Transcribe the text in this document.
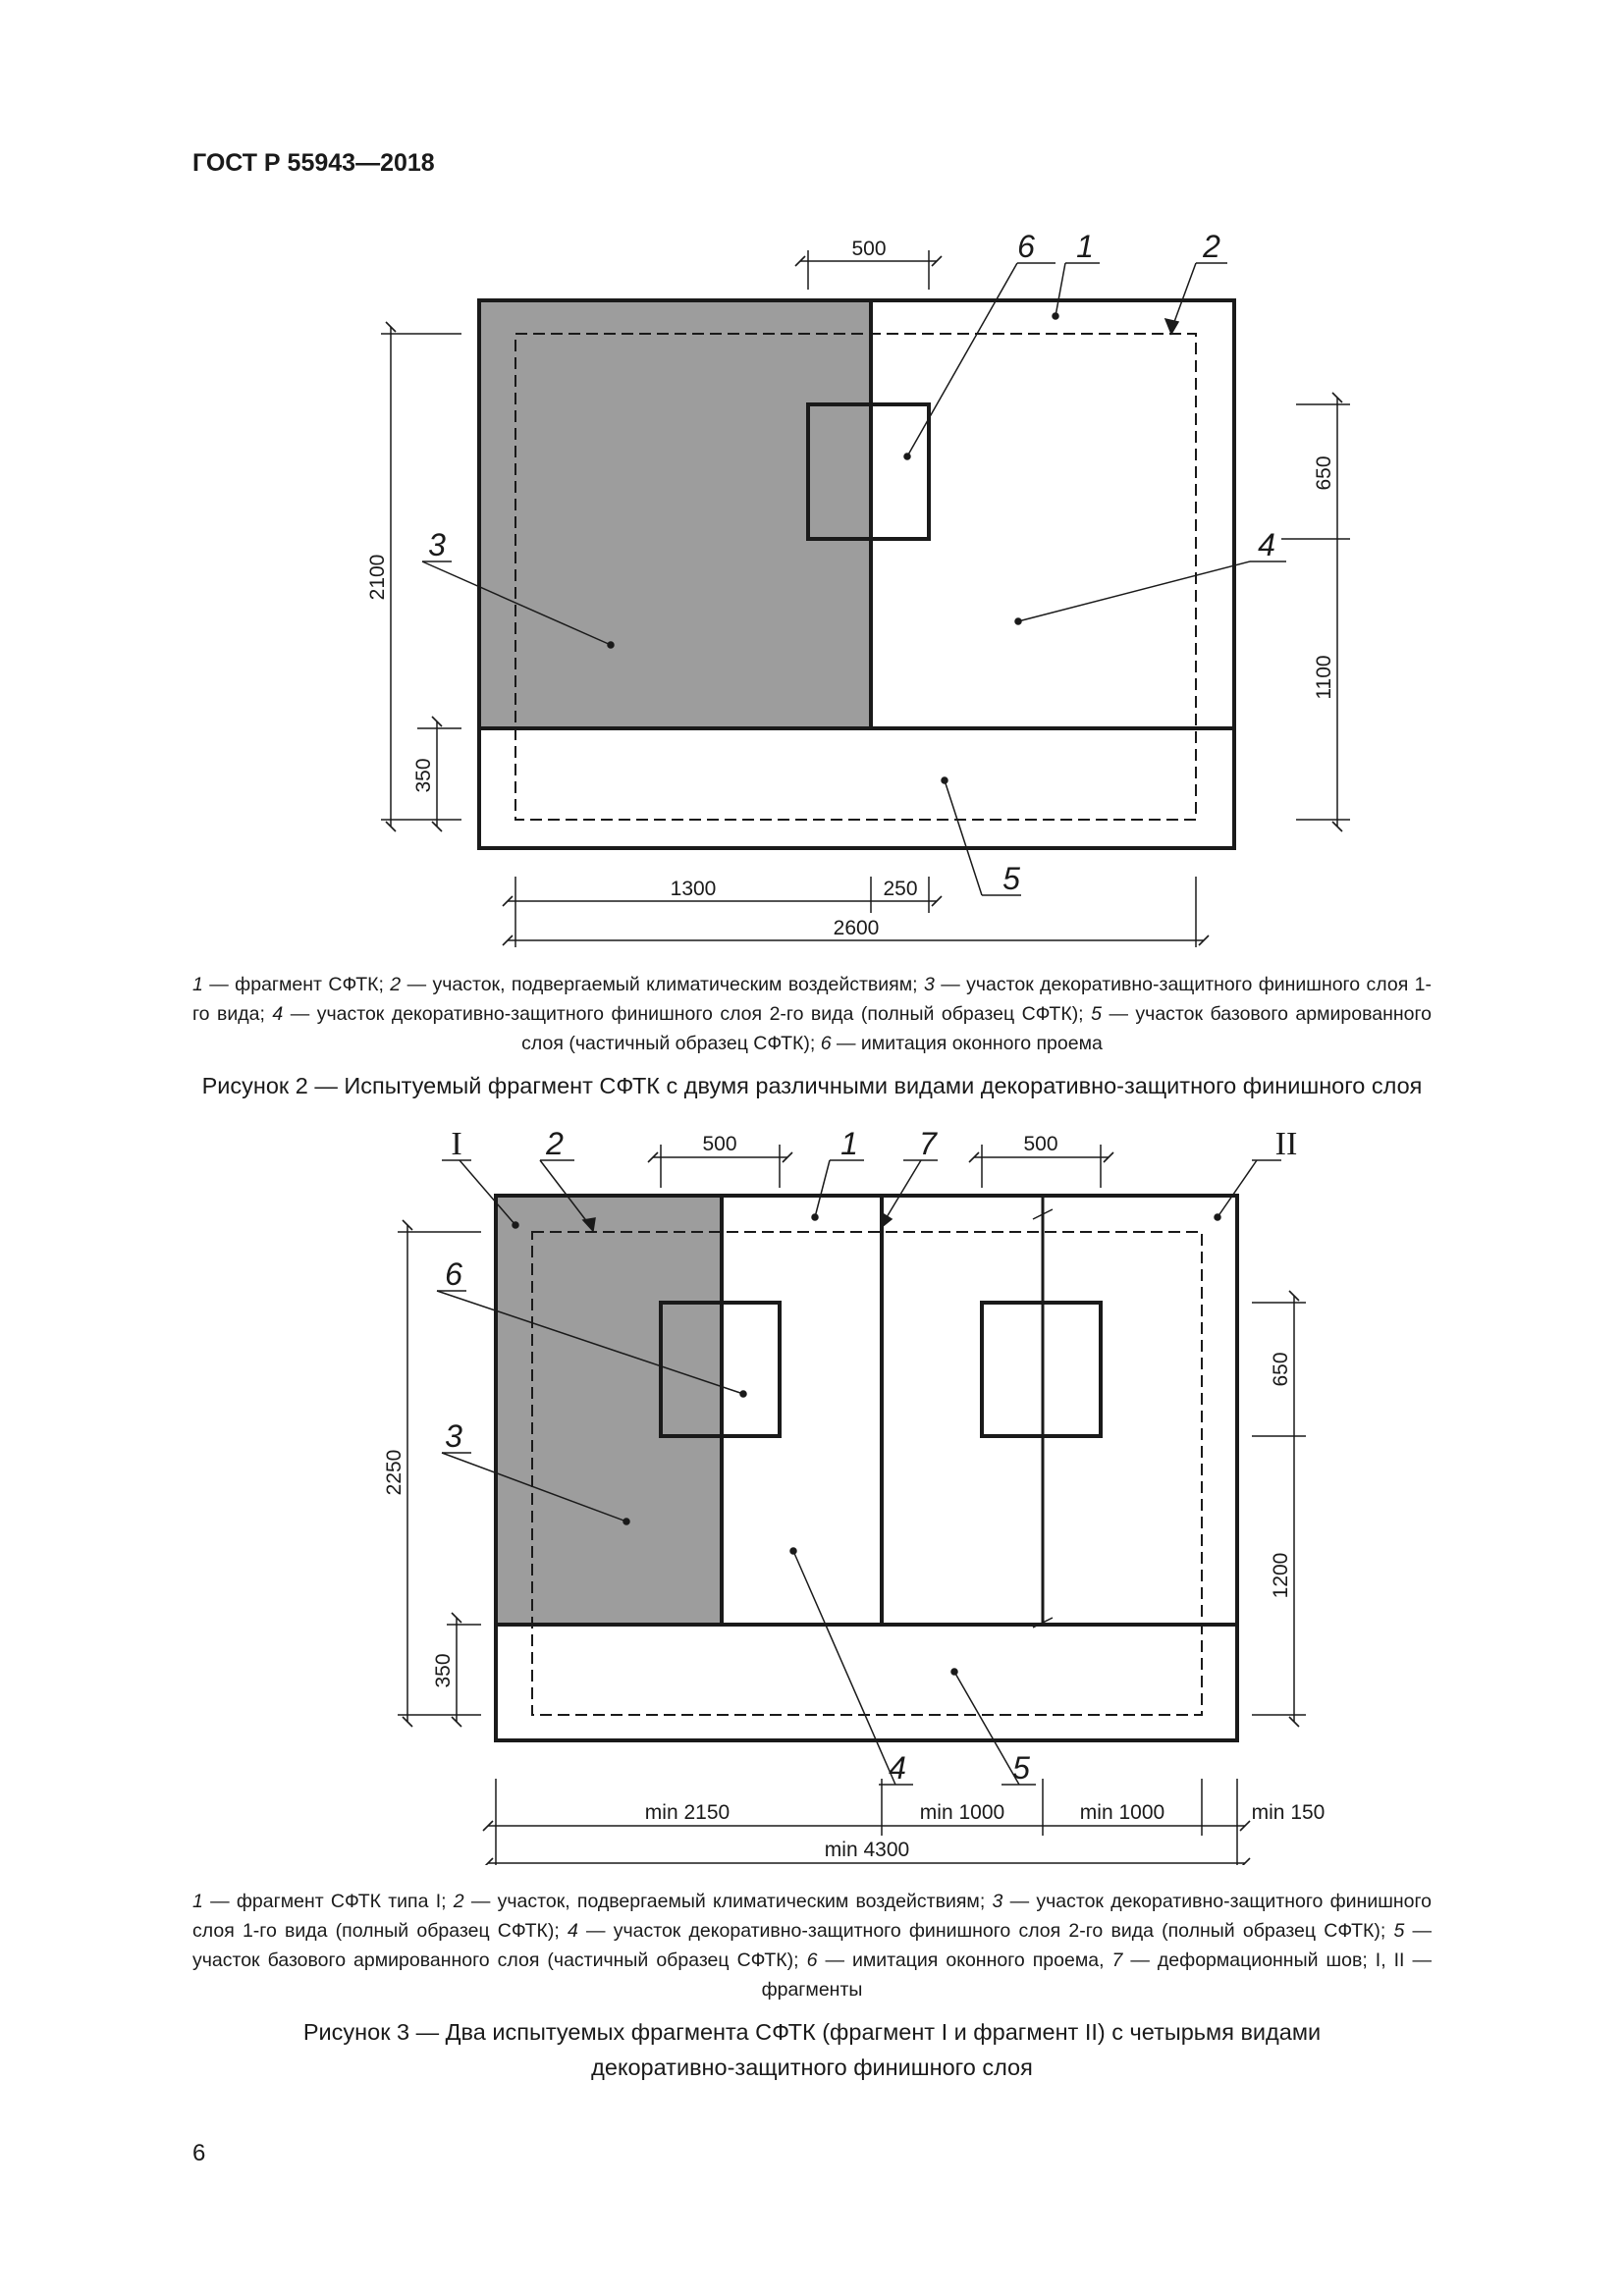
ГОСТ Р 55943—2018
500
2100
350
650
1100
1300	250
2600
6 1	2
3	4
5
1 — фрагмент СФТК; 2 — участок, подвергаемый климатическим воздействиям; 3 — участок декоративно-защитного финишного слоя 1-го вида; 4 — участок декоративно-защитного финишного слоя 2-го вида (полный образец СФТК); 5 — участок базового армированного слоя (частичный образец СФТК); 6 — имитация оконного проема
Рисунок 2 — Испытуемый фрагмент СФТК с двумя различными видами декоративно-защитного финишного слоя
500	500
2250
350
650
1200
min 2150	min 1000	min 1000	min 150
min 4300
I	2	1 7	II
6
3
4	5
1 — фрагмент СФТК типа I; 2 — участок, подвергаемый климатическим воздействиям; 3 — участок декоративно-защитного финишного слоя 1-го вида (полный образец СФТК); 4 — участок декоративно-защитного финишного слоя 2-го вида (полный образец СФТК); 5 — участок базового армированного слоя (частичный образец СФТК); 6 — имитация оконного проема, 7 — деформационный шов; I, II — фрагменты
Рисунок 3 — Два испытуемых фрагмента СФТК (фрагмент I и фрагмент II) с четырьмя видами
декоративно-защитного финишного слоя
6
